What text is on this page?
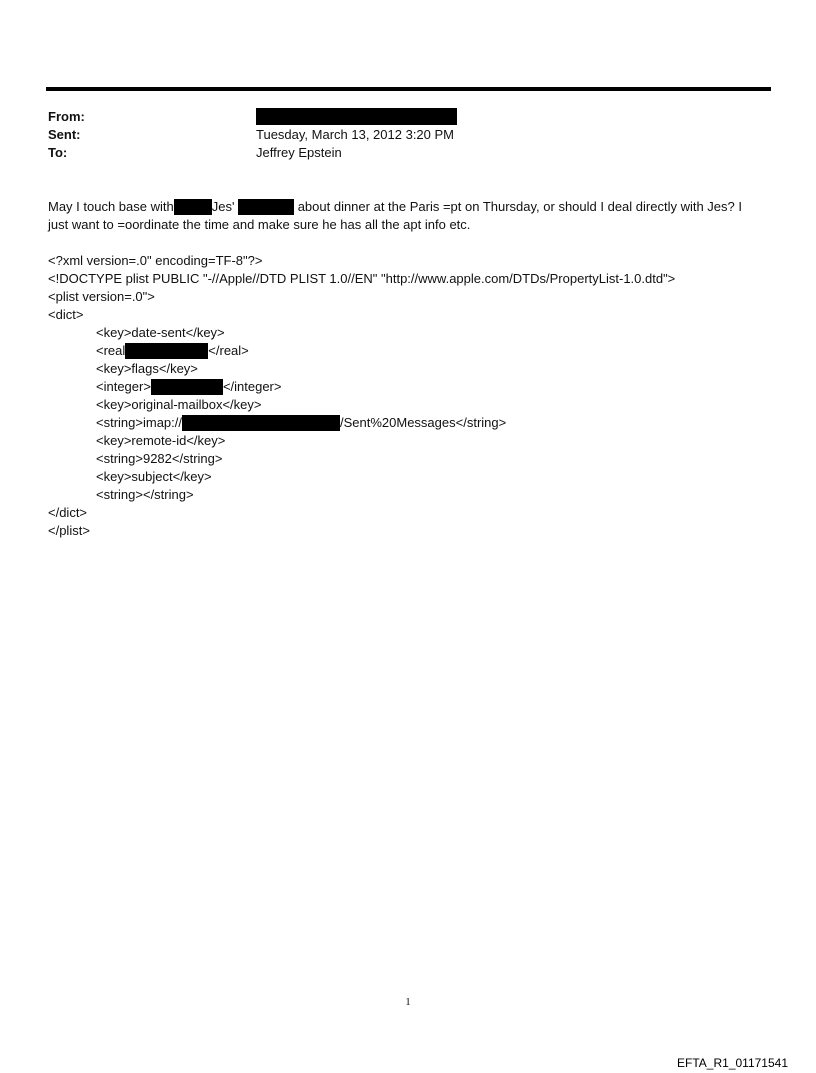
From:
Sent:	Tuesday, March 13, 2012 3:20 PM
To:	Jeffrey Epstein
May I touch base with	Jes'	about dinner at the Paris =pt on Thursday, or should I deal directly with Jes? I
just want to =oordinate the time and make sure he has all the apt info etc.
<?xml version=.0" encoding=TF-8"?>
<!DOCTYPE plist PUBLIC "-//Apple//DTD PLIST 1.0//EN" "http://www.apple.com/DTDs/PropertyList-1.0.dtd">
<plist version=.0">
<dict>
<key>date-sent</key>
<real	</real>
<key>flags</key>
<integer>	</integer>
<key>original-mailbox</key>
<string>imap://	/Sent%20Messages</string>
<key>remote-id</key>
<string>9282</string>
<key>subject</key>
<string></string>
</dict>
</plist>
1
EFTA_R1_01171541
